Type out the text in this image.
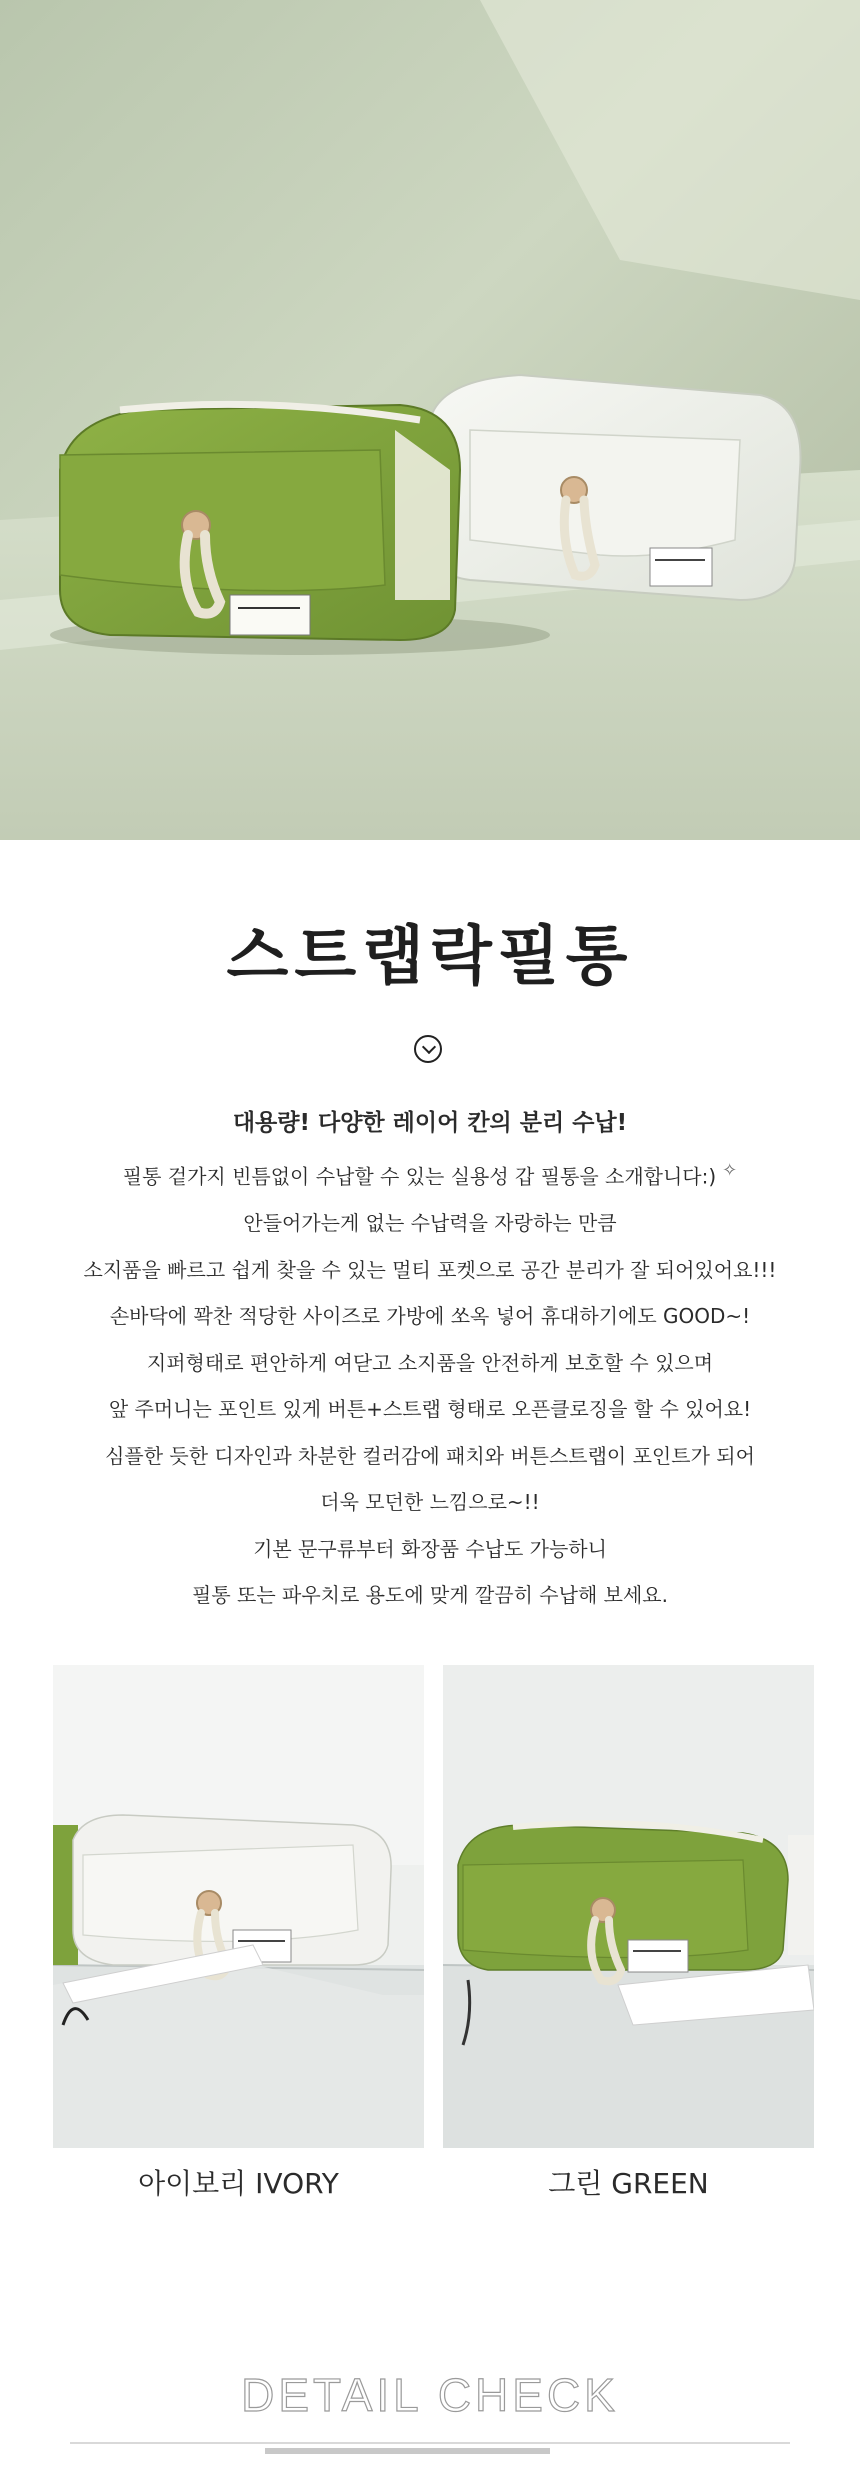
스트랩락필통

대용량! 다양한 레이어 칸의 분리 수납!

필통 겉가지 빈틈없이 수납할 수 있는 실용성 갑 필통을 소개합니다:) ✧

안들어가는게 없는 수납력을 자랑하는 만큼

소지품을 빠르고 쉽게 찾을 수 있는 멀티 포켓으로 공간 분리가 잘 되어있어요!!!

손바닥에 꽉찬 적당한 사이즈로 가방에 쏘옥 넣어 휴대하기에도 GOOD~!

지퍼형태로 편안하게 여닫고 소지품을 안전하게 보호할 수 있으며

앞 주머니는 포인트 있게 버튼+스트랩 형태로 오픈클로징을 할 수 있어요!

심플한 듯한 디자인과 차분한 컬러감에 패치와 버튼스트랩이 포인트가 되어

더욱 모던한 느낌으로~!!

기본 문구류부터 화장품 수납도 가능하니

필통 또는 파우치로 용도에 맞게 깔끔히 수납해 보세요.

아이보리 IVORY	그린 GREEN
DETAIL CHECK
